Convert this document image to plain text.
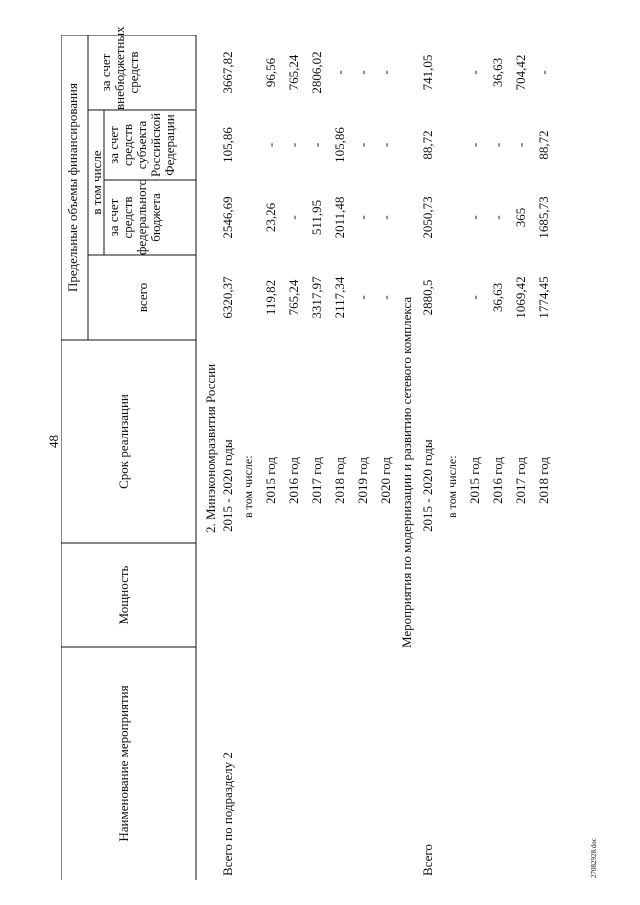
48
27082928.doc
Наименование мероприятия
Мощность
Срок реализации
Предельные объемы финансирования
всего
в том числе
за счет средств федерального бюджета
за счет средств субъекта Российской Федерации
за счет внебюджетных средств
2. Минэкономразвития России
Всего по подразделу 2
2015 - 2020 годы
6320,37
2546,69
105,86
3667,82
в том числе: 2015 год
119,82
23,26
-
96,56
2016 год
765,24
-
-
765,24
2017 год
3317,97
511,95
-
2806,02
2018 год
2117,34
2011,48
105,86
-
2019 год
-
-
-
-
2020 год
-
-
-
-
Мероприятия по модернизации и развитию сетевого комплекса
Всего
2015 - 2020 годы
2880,5
2050,73
88,72
741,05
в том числе: 2015 год
-
-
-
-
2016 год
36,63
-
-
36,63
2017 год
1069,42
365
-
704,42
2018 год
1774,45
1685,73
88,72
-
